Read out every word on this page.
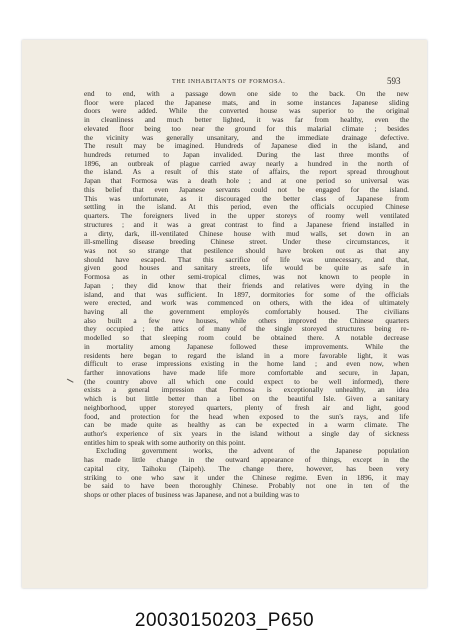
THE INHABITANTS OF FORMOSA.	593

end to end, with a passage down one side to the back. On the new

floor were placed the Japanese mats, and in some instances Japanese sliding

doors were added. While the converted house was superior to the original

in cleanliness and much better lighted, it was far from healthy, even the

elevated floor being too near the ground for this malarial climate ; besides

the vicinity was generally unsanitary, and the immediate drainage defective.

The result may be imagined. Hundreds of Japanese died in the island, and

hundreds returned to Japan invalided. During the last three months of

1896, an outbreak of plague carried away nearly a hundred in the north of

the island. As a result of this state of affairs, the report spread throughout

Japan that Formosa was a death hole ; and at one period so universal was

this belief that even Japanese servants could not be engaged for the island.

This was unfortunate, as it discouraged the better class of Japanese from

settling in the island. At this period, even the officials occupied Chinese

quarters. The foreigners lived in the upper storeys of roomy well ventilated

structures ; and it was a great contrast to find a Japanese friend installed in

a dirty, dark, ill-ventilated Chinese house with mud walls, set down in an

ill-smelling disease breeding Chinese street. Under these circumstances, it

was not so strange that pestilence should have broken out as that any

should have escaped. That this sacrifice of life was unnecessary, and that,

given good houses and sanitary streets, life would be quite as safe in

Formosa as in other semi-tropical climes, was not known to people in

Japan ; they did know that their friends and relatives were dying in the

island, and that was sufficient. In 1897, dormitories for some of the officials

were erected, and work was commenced on others, with the idea of ultimately

having all the government employés comfortably housed. The civilians

also built a few new houses, while others improved the Chinese quarters

they occupied ; the attics of many of the single storeyed structures being re-

modelled so that sleeping room could be obtained there. A notable decrease

in mortality among Japanese followed these improvements. While the

residents here began to regard the island in a more favorable light, it was

difficult to erase impressions existing in the home land ; and even now, when

farther innovations have made life more comfortable and secure, in Japan,

(the country above all which one could expect to be well informed), there

exists a general impression that Formosa is exceptionally unhealthy, an idea

which is but little better than a libel on the beautiful Isle. Given a sanitary

neighborhood, upper storeyed quarters, plenty of fresh air and light, good

food, and protection for the head when exposed to the sun's rays, and life

can be made quite as healthy as can be expected in a warm climate. The

author's experience of six years in the island without a single day of sickness

entitles him to speak with some authority on this point.

Excluding government works, the advent of the Japanese population

has made little change in the outward appearance of things, except in the

capital city, Taihoku (Taipeh). The change there, however, has been very

striking to one who saw it under the Chinese regime. Even in 1896, it may

be said to have been thoroughly Chinese. Probably not one in ten of the

shops or other places of business was Japanese, and not a building was to

20030150203_P650
